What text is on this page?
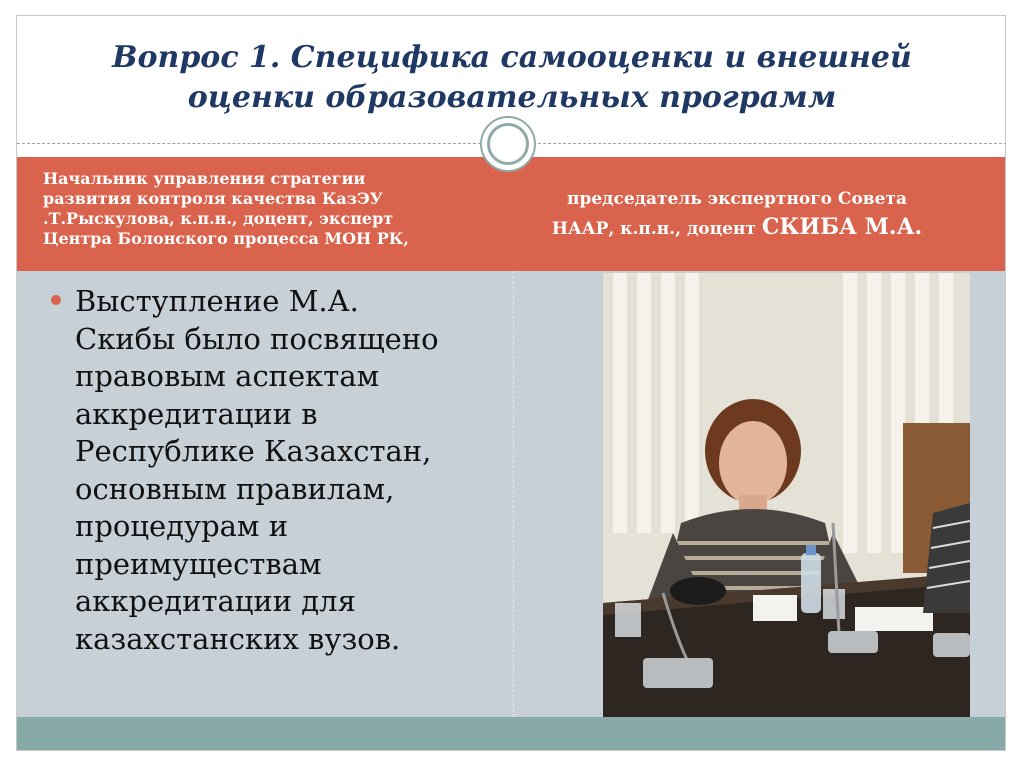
Вопрос 1. Специфика самооценки и внешней
оценки образовательных программ
Начальник управления стратегии
развития контроля качества КазЭУ
.Т.Рыскулова, к.п.н., доцент, эксперт
Центра Болонского процесса МОН РК,
председатель экспертного Совета
НААР, к.п.н., доцент СКИБА М.А.
Выступление М.А.
Скибы было посвящено
правовым аспектам
аккредитации в
Республике Казахстан,
основным правилам,
процедурам и
преимуществам
аккредитации для
казахстанских вузов.
